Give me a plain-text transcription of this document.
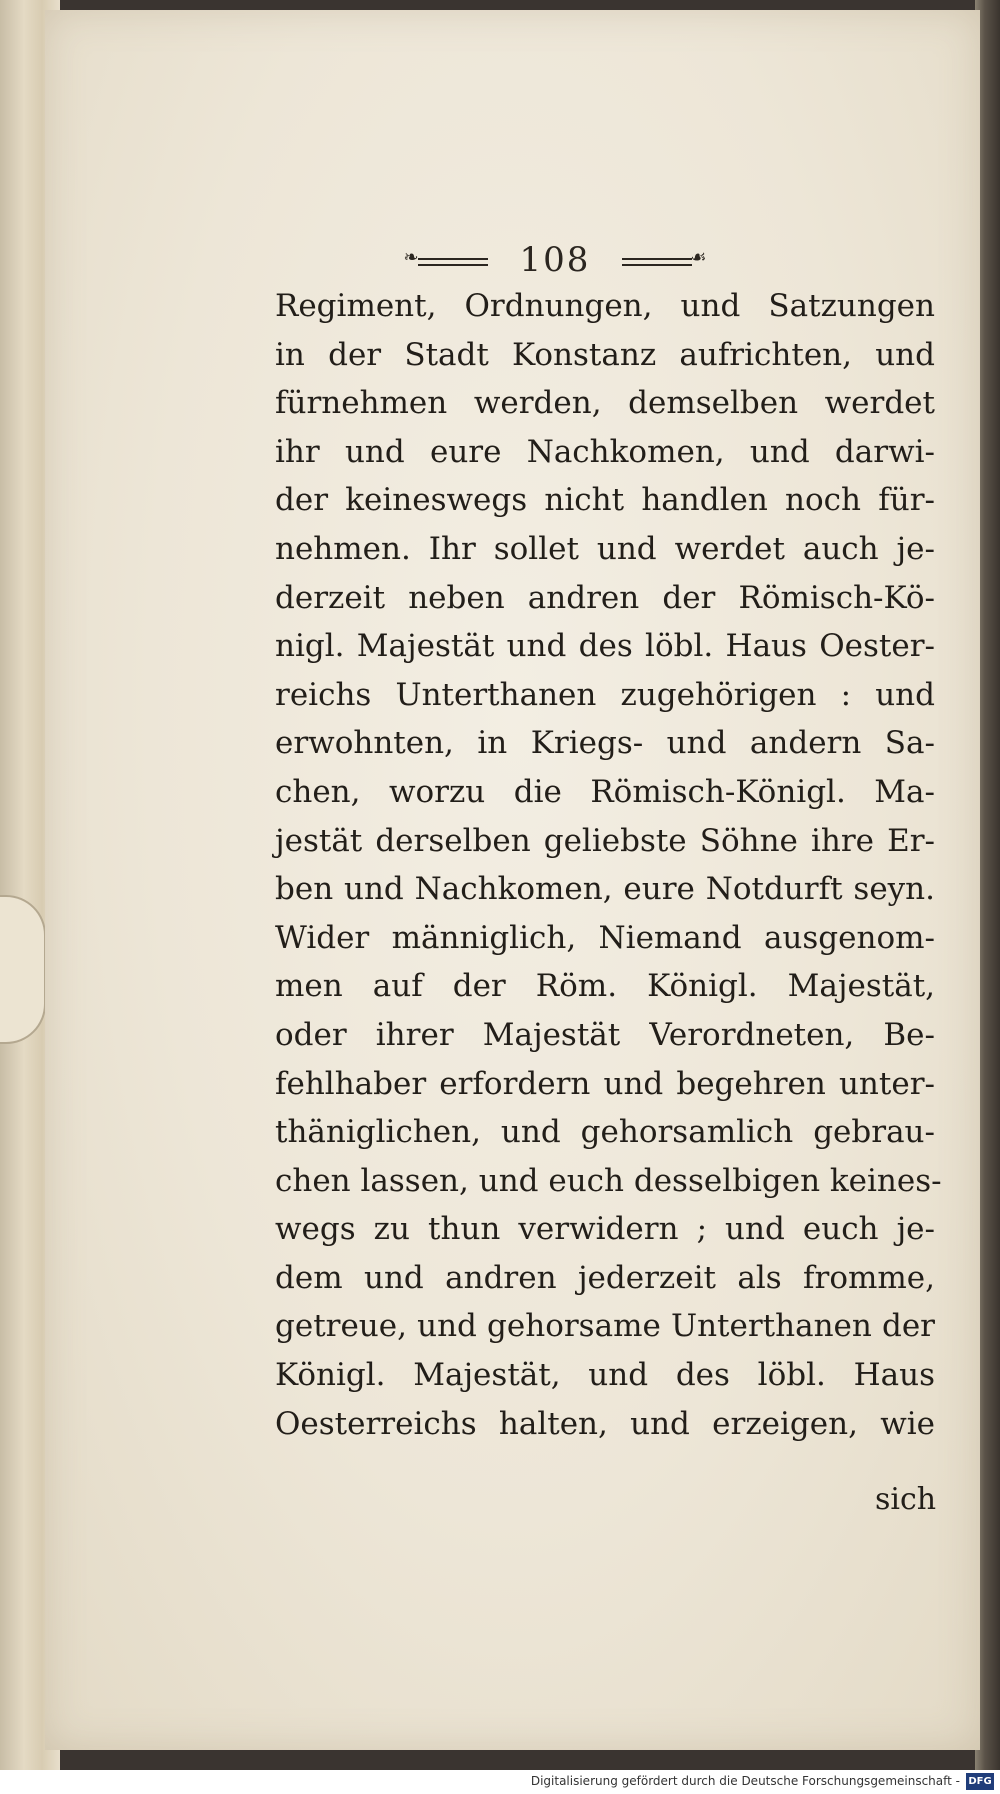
❧	108	☙
Regiment, Ordnungen, und Satzungen
in der Stadt Konstanz aufrichten, und
fürnehmen werden, demselben werdet
ihr und eure Nachkomen, und darwi-
der keineswegs nicht handlen noch für-
nehmen. Ihr sollet und werdet auch je-
derzeit neben andren der Römisch-Kö-
nigl. Majestät und des löbl. Haus Oester-
reichs Unterthanen zugehörigen : und
erwohnten, in Kriegs- und andern Sa-
chen, worzu die Römisch-Königl. Ma-
jestät derselben geliebste Söhne ihre Er-
ben und Nachkomen, eure Notdurft seyn.
Wider männiglich, Niemand ausgenom-
men auf der Röm. Königl. Majestät,
oder ihrer Majestät Verordneten, Be-
fehlhaber erfordern und begehren unter-
thäniglichen, und gehorsamlich gebrau-
chen lassen, und euch desselbigen keines-
wegs zu thun verwidern ; und euch je-
dem und andren jederzeit als fromme,
getreue, und gehorsame Unterthanen der
Königl. Majestät, und des löbl. Haus
Oesterreichs halten, und erzeigen, wie
sich
Digitalisierung gefördert durch die Deutsche Forschungsgemeinschaft - DFG
